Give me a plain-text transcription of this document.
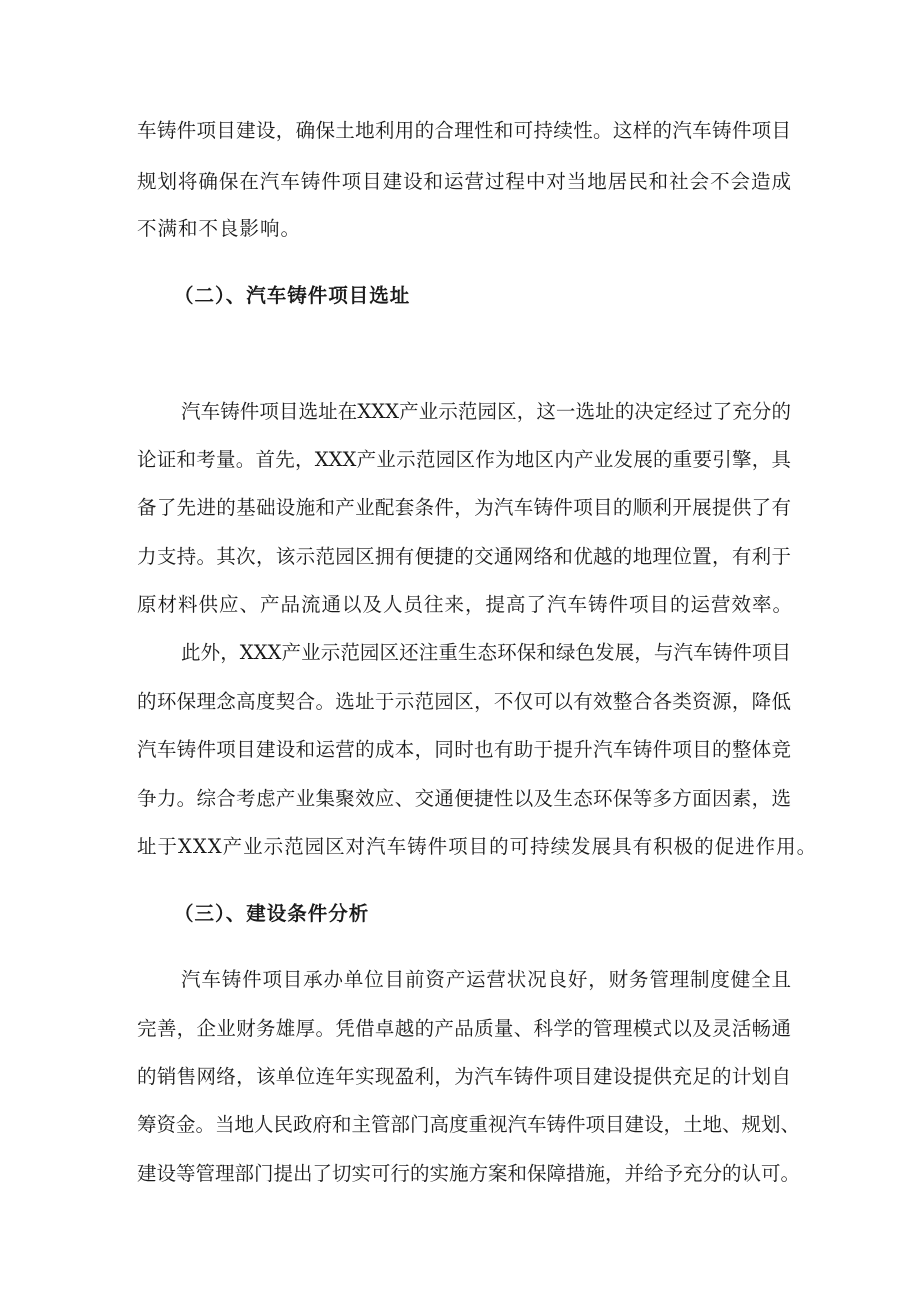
车铸件项目建设，确保土地利用的合理性和可持续性。这样的汽车铸件项目
规划将确保在汽车铸件项目建设和运营过程中对当地居民和社会不会造成
不满和不良影响。
（二）、汽车铸件项目选址
汽车铸件项目选址在XXX产业示范园区，这一选址的决定经过了充分的
论证和考量。首先，XXX产业示范园区作为地区内产业发展的重要引擎，具
备了先进的基础设施和产业配套条件，为汽车铸件项目的顺利开展提供了有
力支持。其次，该示范园区拥有便捷的交通网络和优越的地理位置，有利于
原材料供应、产品流通以及人员往来，提高了汽车铸件项目的运营效率。
此外，XXX产业示范园区还注重生态环保和绿色发展，与汽车铸件项目
的环保理念高度契合。选址于示范园区，不仅可以有效整合各类资源，降低
汽车铸件项目建设和运营的成本，同时也有助于提升汽车铸件项目的整体竞
争力。综合考虑产业集聚效应、交通便捷性以及生态环保等多方面因素，选
址于XXX产业示范园区对汽车铸件项目的可持续发展具有积极的促进作用。
（三）、建设条件分析
汽车铸件项目承办单位目前资产运营状况良好，财务管理制度健全且
完善，企业财务雄厚。凭借卓越的产品质量、科学的管理模式以及灵活畅通
的销售网络，该单位连年实现盈利，为汽车铸件项目建设提供充足的计划自
筹资金。当地人民政府和主管部门高度重视汽车铸件项目建设，土地、规划、
建设等管理部门提出了切实可行的实施方案和保障措施，并给予充分的认可。
